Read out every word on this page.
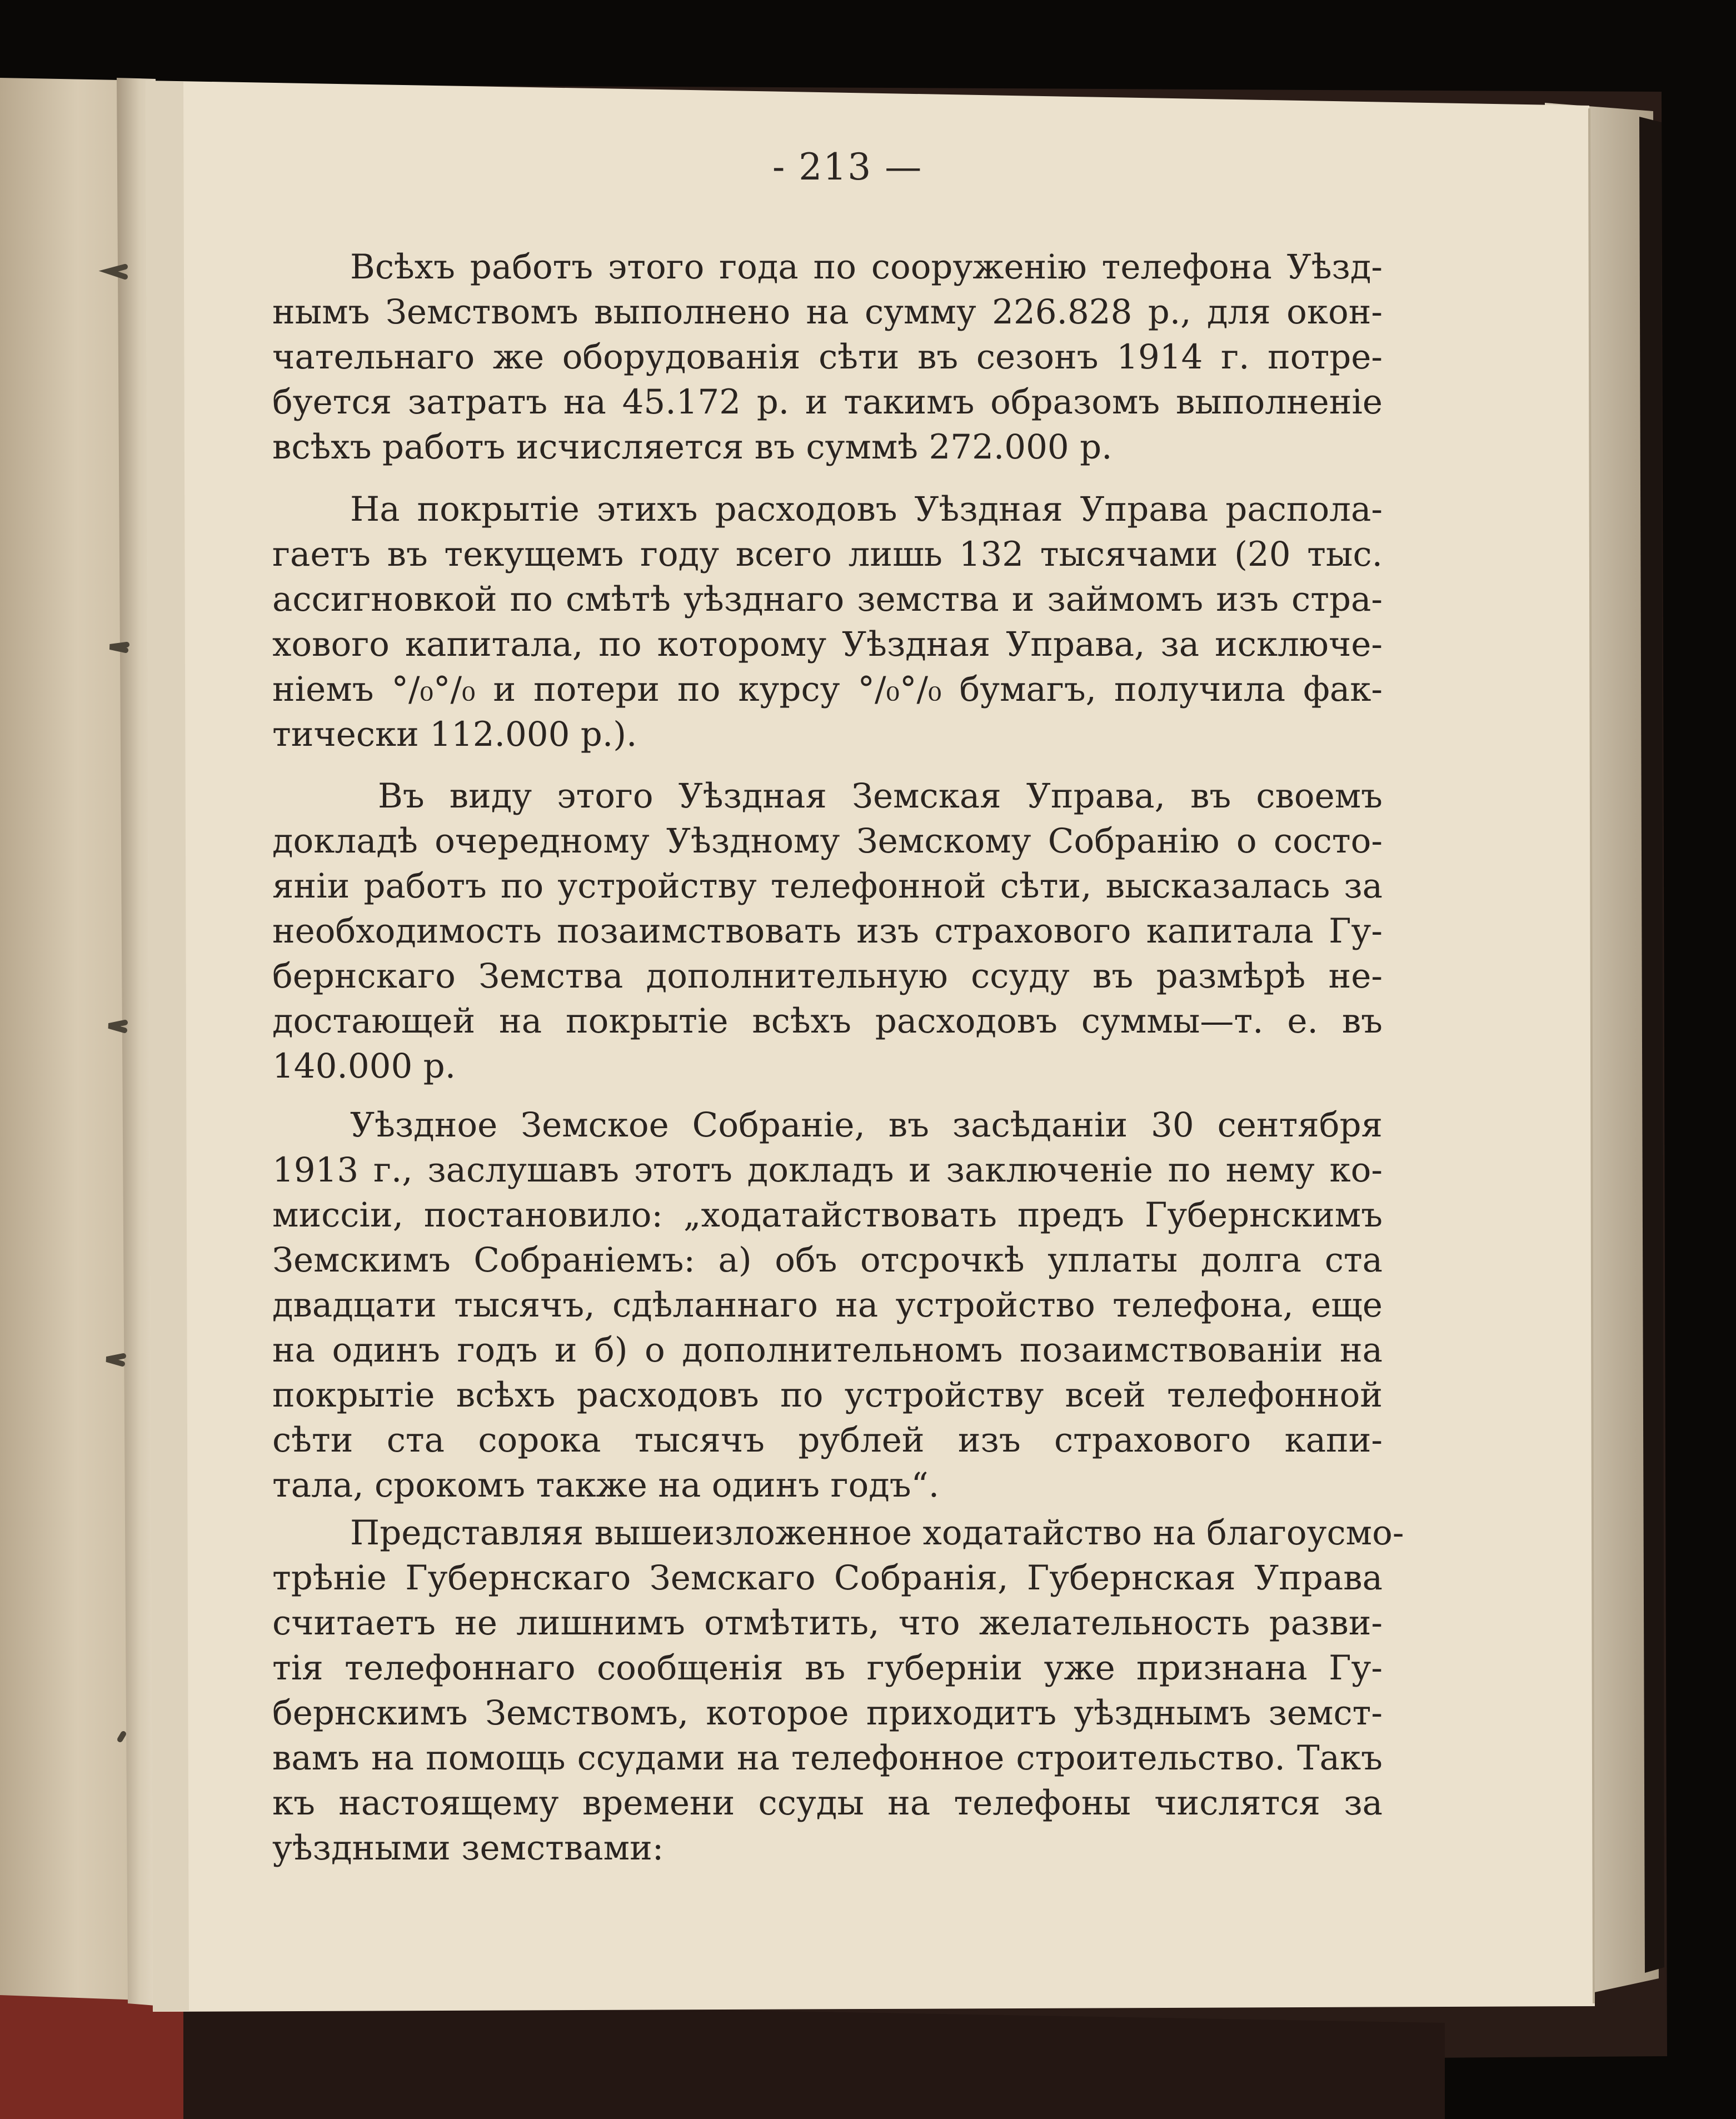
- 213 —
Всѣхъ работъ этого года по сооруженію телефона Уѣзд-
нымъ Земствомъ выполнено на сумму 226.828 р., для окон-
чательнаго же оборудованія сѣти въ сезонъ 1914 г. потре-
буется затратъ на 45.172 р. и такимъ образомъ выполненіе
всѣхъ работъ исчисляется въ суммѣ 272.000 р.
На покрытіе этихъ расходовъ Уѣздная Управа распола-
гаетъ въ текущемъ году всего лишь 132 тысячами (20 тыс.
ассигновкой по смѣтѣ уѣзднаго земства и займомъ изъ стра-
хового капитала, по которому Уѣздная Управа, за исключе-
ніемъ °/₀°/₀ и потери по курсу °/₀°/₀ бумагъ, получила фак-
тически 112.000 р.).
Въ виду этого Уѣздная Земская Управа, въ своемъ
докладѣ очередному Уѣздному Земскому Собранію о состо-
яніи работъ по устройству телефонной сѣти, высказалась за
необходимость позаимствовать изъ страхового капитала Гу-
бернскаго Земства дополнительную ссуду въ размѣрѣ не-
достающей на покрытіе всѣхъ расходовъ суммы—т. е. въ
140.000 р.
Уѣздное Земское Собраніе, въ засѣданіи 30 сентября
1913 г., заслушавъ этотъ докладъ и заключеніе по нему ко-
миссіи, постановило: „ходатайствовать предъ Губернскимъ
Земскимъ Собраніемъ: а) объ отсрочкѣ уплаты долга ста
двадцати тысячъ, сдѣланнаго на устройство телефона, еще
на одинъ годъ и б) о дополнительномъ позаимствованіи на
покрытіе всѣхъ расходовъ по устройству всей телефонной
сѣти ста сорока тысячъ рублей изъ страхового капи-
тала, срокомъ также на одинъ годъ“.
Представляя вышеизложенное ходатайство на благоусмо-
трѣніе Губернскаго Земскаго Собранія, Губернская Управа
считаетъ не лишнимъ отмѣтить, что желательность разви-
тія телефоннаго сообщенія въ губерніи уже признана Гу-
бернскимъ Земствомъ, которое приходитъ уѣзднымъ земст-
вамъ на помощь ссудами на телефонное строительство. Такъ
къ настоящему времени ссуды на телефоны числятся за
уѣздными земствами:
